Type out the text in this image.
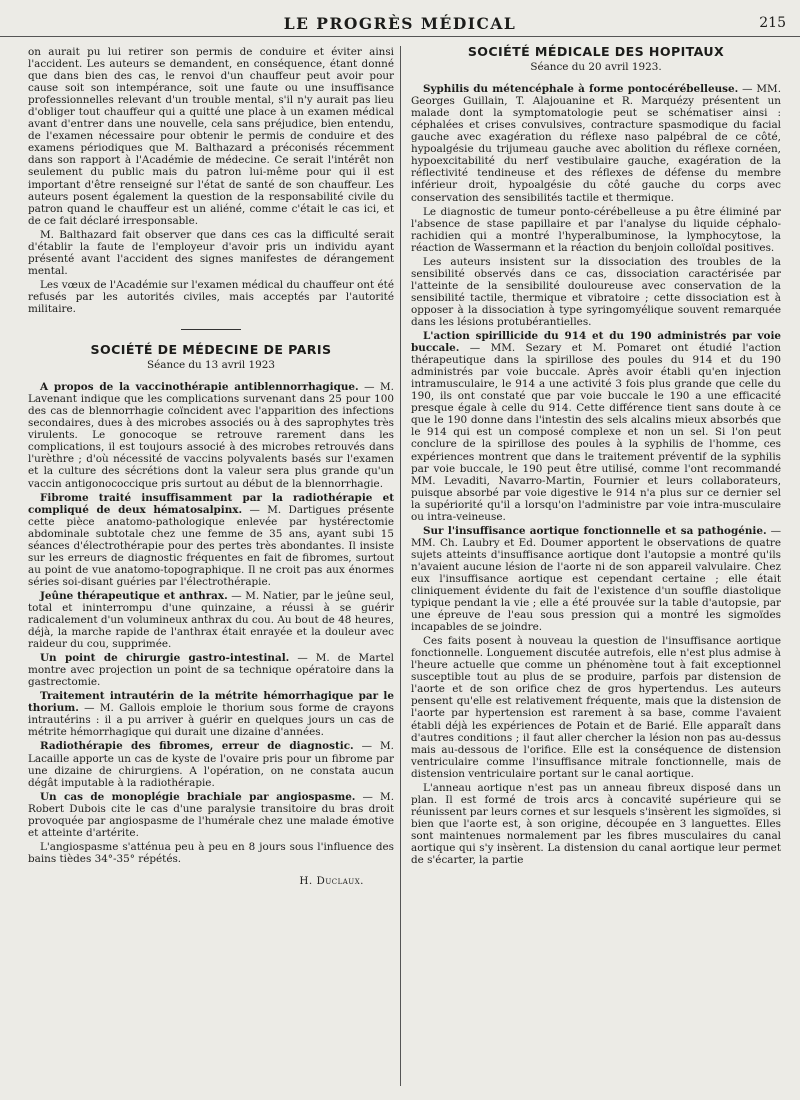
LE PROGRÈS MÉDICAL	215

on aurait pu lui retirer son permis de conduire et éviter ainsi l'accident. Les auteurs se demandent, en conséquence, étant donné que dans bien des cas, le renvoi d'un chauffeur peut avoir pour cause soit son intempérance, soit une faute ou une insuffisance professionnelles relevant d'un trouble mental, s'il n'y aurait pas lieu d'obliger tout chauffeur qui a quitté une place à un examen médical avant d'entrer dans une nouvelle, cela sans préjudice, bien entendu, de l'examen nécessaire pour obtenir le permis de conduire et des examens périodiques que M. Balthazard a préconisés récemment dans son rapport à l'Académie de médecine. Ce serait l'intérêt non seulement du public mais du patron lui-même pour qui il est important d'être renseigné sur l'état de santé de son chauffeur. Les auteurs posent également la question de la responsabilité civile du patron quand le chauffeur est un aliéné, comme c'était le cas ici, et de ce fait déclaré irresponsable.

M. Balthazard fait observer que dans ces cas la difficulté serait d'établir la faute de l'employeur d'avoir pris un individu ayant présenté avant l'accident des signes manifestes de dérangement mental.

Les vœux de l'Académie sur l'examen médical du chauffeur ont été refusés par les autorités civiles, mais acceptés par l'autorité militaire.

SOCIÉTÉ DE MÉDECINE DE PARIS
Séance du 13 avril 1923

A propos de la vaccinothérapie antiblennorrhagique. — M. Lavenant indique que les complications survenant dans 25 pour 100 des cas de blennorrhagie coïncident avec l'apparition des infections secondaires, dues à des microbes associés ou à des saprophytes très virulents. Le gonocoque se retrouve rarement dans les complications, il est toujours associé à des microbes retrouvés dans l'urèthre ; d'où nécessité de vaccins polyvalents basés sur l'examen et la culture des sécrétions dont la valeur sera plus grande qu'un vaccin antigonococcique pris surtout au début de la blennorrhagie.

Fibrome traité insuffisamment par la radiothérapie et compliqué de deux hématosalpinx. — M. Dartigues présente cette pièce anatomo-pathologique enlevée par hystérectomie abdominale subtotale chez une femme de 35 ans, ayant subi 15 séances d'électrothérapie pour des pertes très abondantes. Il insiste sur les erreurs de diagnostic fréquentes en fait de fibromes, surtout au point de vue anatomo-topographique. Il ne croit pas aux énormes séries soi-disant guéries par l'électrothérapie.

Jeûne thérapeutique et anthrax. — M. Natier, par le jeûne seul, total et ininterrompu d'une quinzaine, a réussi à se guérir radicalement d'un volumineux anthrax du cou. Au bout de 48 heures, déjà, la marche rapide de l'anthrax était enrayée et la douleur avec raideur du cou, supprimée.

Un point de chirurgie gastro-intestinal. — M. de Martel montre avec projection un point de sa technique opératoire dans la gastrectomie.

Traitement intrautérin de la métrite hémorrhagique par le thorium. — M. Gallois emploie le thorium sous forme de crayons intrautérins : il a pu arriver à guérir en quelques jours un cas de métrite hémorrhagique qui durait une dizaine d'années.

Radiothérapie des fibromes, erreur de diagnostic. — M. Lacaille apporte un cas de kyste de l'ovaire pris pour un fibrome par une dizaine de chirurgiens. A l'opération, on ne constata aucun dégât imputable à la radiothérapie.

Un cas de monoplégie brachiale par angiospasme. — M. Robert Dubois cite le cas d'une paralysie transitoire du bras droit provoquée par angiospasme de l'humérale chez une malade émotive et atteinte d'artérite.

L'angiospasme s'atténua peu à peu en 8 jours sous l'influence des bains tièdes 34°-35° répétés.

H. Duclaux.
SOCIÉTÉ MÉDICALE DES HOPITAUX
Séance du 20 avril 1923.

Syphilis du métencéphale à forme pontocérébelleuse. — MM. Georges Guillain, T. Alajouanine et R. Marquézy présentent un malade dont la symptomatologie peut se schématiser ainsi : céphalées et crises convulsives, contracture spasmodique du facial gauche avec exagération du réflexe naso palpébral de ce côté, hypoalgésie du trijumeau gauche avec abolition du réflexe cornéen, hypoexcitabilité du nerf vestibulaire gauche, exagération de la réflectivité tendineuse et des réflexes de défense du membre inférieur droit, hypoalgésie du côté gauche du corps avec conservation des sensibilités tactile et thermique.

Le diagnostic de tumeur ponto-cérébelleuse a pu être éliminé par l'absence de stase papillaire et par l'analyse du liquide céphalo-rachidien qui a montré l'hyperalbuminose, la lymphocytose, la réaction de Wassermann et la réaction du benjoin colloïdal positives.

Les auteurs insistent sur la dissociation des troubles de la sensibilité observés dans ce cas, dissociation caractérisée par l'atteinte de la sensibilité douloureuse avec conservation de la sensibilité tactile, thermique et vibratoire ; cette dissociation est à opposer à la dissociation à type syringomyélique souvent remarquée dans les lésions protubérantielles.

L'action spirillicide du 914 et du 190 administrés par voie buccale. — MM. Sezary et M. Pomaret ont étudié l'action thérapeutique dans la spirillose des poules du 914 et du 190 administrés par voie buccale. Après avoir établi qu'en injection intramusculaire, le 914 a une activité 3 fois plus grande que celle du 190, ils ont constaté que par voie buccale le 190 a une efficacité presque égale à celle du 914. Cette différence tient sans doute à ce que le 190 donne dans l'intestin des sels alcalins mieux absorbés que le 914 qui est un composé complexe et non un sel. Si l'on peut conclure de la spirillose des poules à la syphilis de l'homme, ces expériences montrent que dans le traitement préventif de la syphilis par voie buccale, le 190 peut être utilisé, comme l'ont recommandé MM. Levaditi, Navarro-Martin, Fournier et leurs collaborateurs, puisque absorbé par voie digestive le 914 n'a plus sur ce dernier sel la supériorité qu'il a lorsqu'on l'administre par voie intra-musculaire ou intra-veineuse.

Sur l'insuffisance aortique fonctionnelle et sa pathogénie. — MM. Ch. Laubry et Ed. Doumer apportent le observations de quatre sujets atteints d'insuffisance aortique dont l'autopsie a montré qu'ils n'avaient aucune lésion de l'aorte ni de son appareil valvulaire. Chez eux l'insuffisance aortique est cependant certaine ; elle était cliniquement évidente du fait de l'existence d'un souffle diastolique typique pendant la vie ; elle a été prouvée sur la table d'autopsie, par une épreuve de l'eau sous pression qui a montré les sigmoïdes incapables de se joindre.

Ces faits posent à nouveau la question de l'insuffisance aortique fonctionnelle. Longuement discutée autrefois, elle n'est plus admise à l'heure actuelle que comme un phénomène tout à fait exceptionnel susceptible tout au plus de se produire, parfois par distension de l'aorte et de son orifice chez de gros hypertendus. Les auteurs pensent qu'elle est relativement fréquente, mais que la distension de l'aorte par hypertension est rarement à sa base, comme l'avaient établi déjà les expériences de Potain et de Barié. Elle apparaît dans d'autres conditions ; il faut aller chercher la lésion non pas au-dessus mais au-dessous de l'orifice. Elle est la conséquence de distension ventriculaire comme l'insuffisance mitrale fonctionnelle, mais de distension ventriculaire portant sur le canal aortique.

L'anneau aortique n'est pas un anneau fibreux disposé dans un plan. Il est formé de trois arcs à concavité supérieure qui se réunissent par leurs cornes et sur lesquels s'insèrent les sigmoïdes, si bien que l'aorte est, à son origine, découpée en 3 languettes. Elles sont maintenues normalement par les fibres musculaires du canal aortique qui s'y insèrent. La distension du canal aortique leur permet de s'écarter, la partie
